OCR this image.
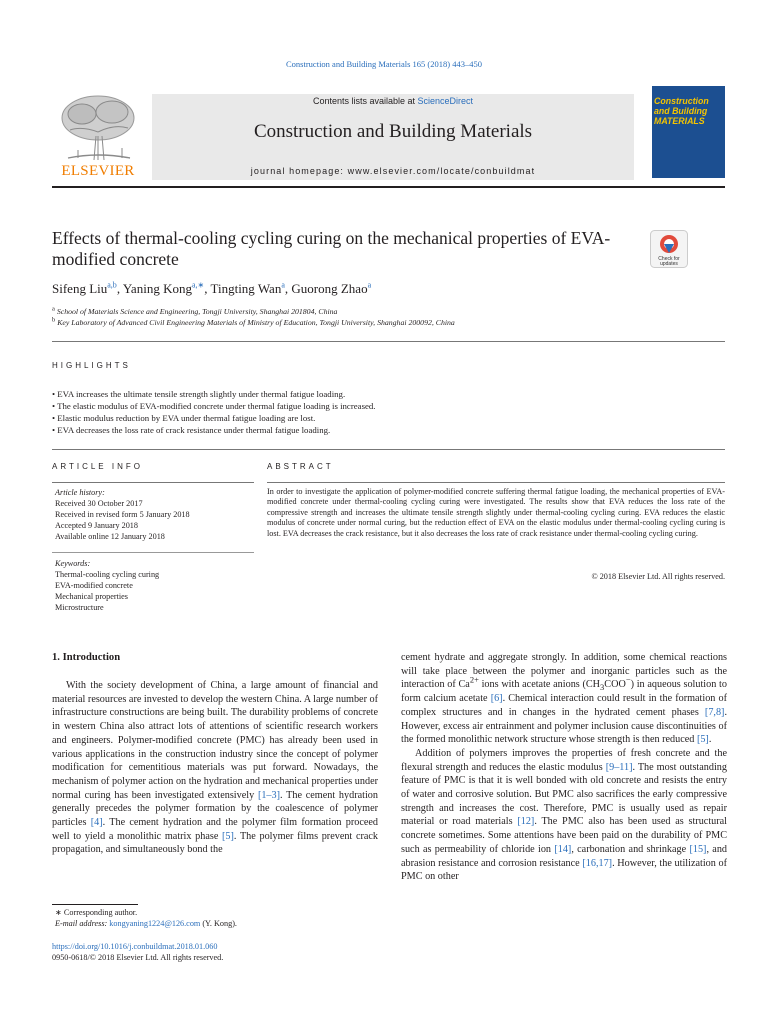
Construction and Building Materials 165 (2018) 443–450
Contents lists available at ScienceDirect
Construction and Building Materials
journal homepage: www.elsevier.com/locate/conbuildmat
ELSEVIER
Construction
and Building
MATERIALS
Effects of thermal-cooling cycling curing on the mechanical properties of EVA-modified concrete	Check for
updates
Sifeng Liu$^{a,b}$, Yaning Kong$^{a,∗}$, Tingting Wan$^a$, Guorong Zhao$^a$
$^a$ School of Materials Science and Engineering, Tongji University, Shanghai 201804, China
$^b$ Key Laboratory of Advanced Civil Engineering Materials of Ministry of Education, Tongji University, Shanghai 200092, China
HIGHLIGHTS
• EVA increases the ultimate tensile strength slightly under thermal fatigue loading.
• The elastic modulus of EVA-modified concrete under thermal fatigue loading is increased.
• Elastic modulus reduction by EVA under thermal fatigue loading are lost.
• EVA decreases the loss rate of crack resistance under thermal fatigue loading.
ARTICLE INFO	ABSTRACT
Article history:
Received 30 October 2017
Received in revised form 5 January 2018
Accepted 9 January 2018
Available online 12 January 2018
Keywords:
Thermal-cooling cycling curing
EVA-modified concrete
Mechanical properties
Microstructure
In order to investigate the application of polymer-modified concrete suffering thermal fatigue loading, the mechanical properties of EVA-modified concrete under thermal-cooling cycling curing were investigated. The results show that EVA reduces the loss rate of the compressive strength and increases the ultimate tensile strength slightly under thermal-cooling cycling curing. EVA reduces the elastic modulus of concrete under normal curing, but the reduction effect of EVA on the elastic modulus under thermal-cooling cycling curing is lost. EVA decreases the crack resistance, but it also decreases the loss rate of crack resistance under thermal-cooling cycling curing.
© 2018 Elsevier Ltd. All rights reserved.
1. Introduction

With the society development of China, a large amount of financial and material resources are invested to develop the western China. A large number of infrastructure constructions are being built. The durability problems of concrete in western China also attract lots of attentions of scientific research workers and engineers. Polymer-modified concrete (PMC) has already been used in various applications in the construction industry since the concept of polymer modification for cementitious materials was put forward. Nowadays, the mechanism of polymer action on the hydration and mechanical properties under normal curing has been investigated extensively [1–3]. The cement hydration generally precedes the polymer formation by the coalescence of polymer particles [4]. The cement hydration and the polymer film formation proceed well to yield a monolithic matrix phase [5]. The polymer films prevent crack propagation, and simultaneously bond the

cement hydrate and aggregate strongly. In addition, some chemical reactions will take place between the polymer and inorganic particles such as the interaction of $Ca^{2+}$ ions with acetate anions $(CH_3COO^-)$ in aqueous solution to form calcium acetate [6]. Chemical interaction could result in the formation of complex structures and in changes in the hydrated cement phases [7,8]. However, excess air entrainment and polymer inclusion cause discontinuities of the formed monolithic network structure whose strength is then reduced [5].

Addition of polymers improves the properties of fresh concrete and the flexural strength and reduces the elastic modulus [9–11]. The most outstanding feature of PMC is that it is well bonded with old concrete and resists the entry of water and corrosive solution. But PMC also sacrifices the early compressive strength and increases the cost. Therefore, PMC is usually used as repair material or road materials [12]. The PMC also has been used as structural concrete sometimes. Some attentions have been paid on the durability of PMC such as permeability of chloride ion [14], carbonation and shrinkage [15], and abrasion resistance and corrosion resistance [16,17]. However, the utilization of PMC on other

∗ Corresponding author.
E-mail address: kongyaning1224@126.com (Y. Kong).
https://doi.org/10.1016/j.conbuildmat.2018.01.060
0950-0618/© 2018 Elsevier Ltd. All rights reserved.
